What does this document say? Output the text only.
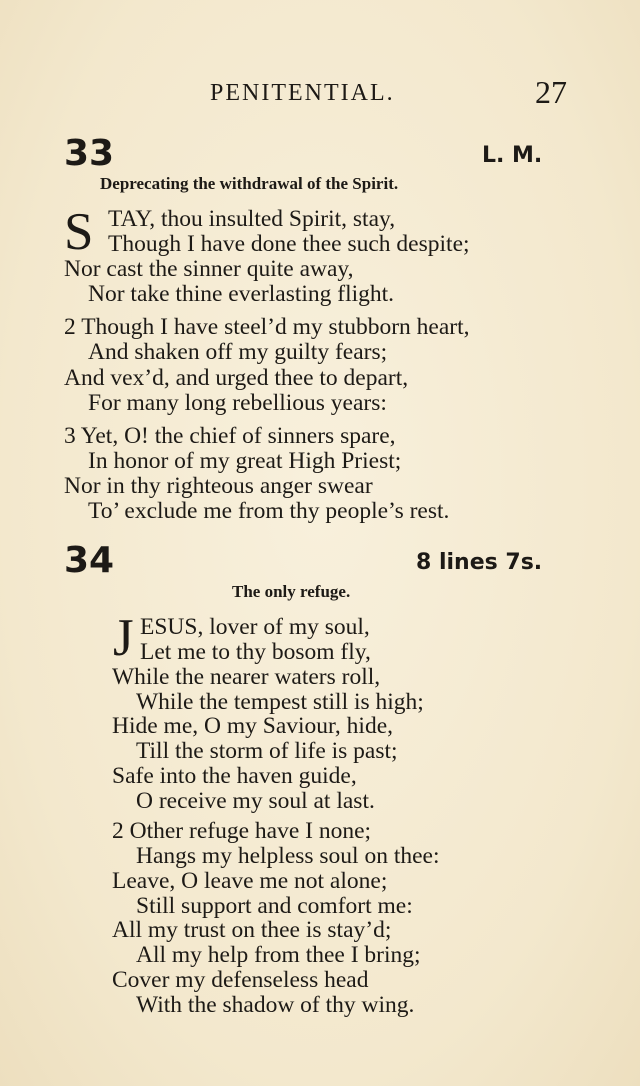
PENITENTIAL.	27
33	L. M.
Deprecating the withdrawal of the Spirit.
S TAY, thou insulted Spirit, stay,
Though I have done thee such despite;
Nor cast the sinner quite away,
Nor take thine everlasting flight.
2 Though I have steel’d my stubborn heart,
And shaken off my guilty fears;
And vex’d, and urged thee to depart,
For many long rebellious years:
3 Yet, O! the chief of sinners spare,
In honor of my great High Priest;
Nor in thy righteous anger swear
To’ exclude me from thy people’s rest.
34	8 lines 7s.
The only refuge.
J ESUS, lover of my soul,
Let me to thy bosom fly,
While the nearer waters roll,
While the tempest still is high;
Hide me, O my Saviour, hide,
Till the storm of life is past;
Safe into the haven guide,
O receive my soul at last.
2 Other refuge have I none;
Hangs my helpless soul on thee:
Leave, O leave me not alone;
Still support and comfort me:
All my trust on thee is stay’d;
All my help from thee I bring;
Cover my defenseless head
With the shadow of thy wing.
